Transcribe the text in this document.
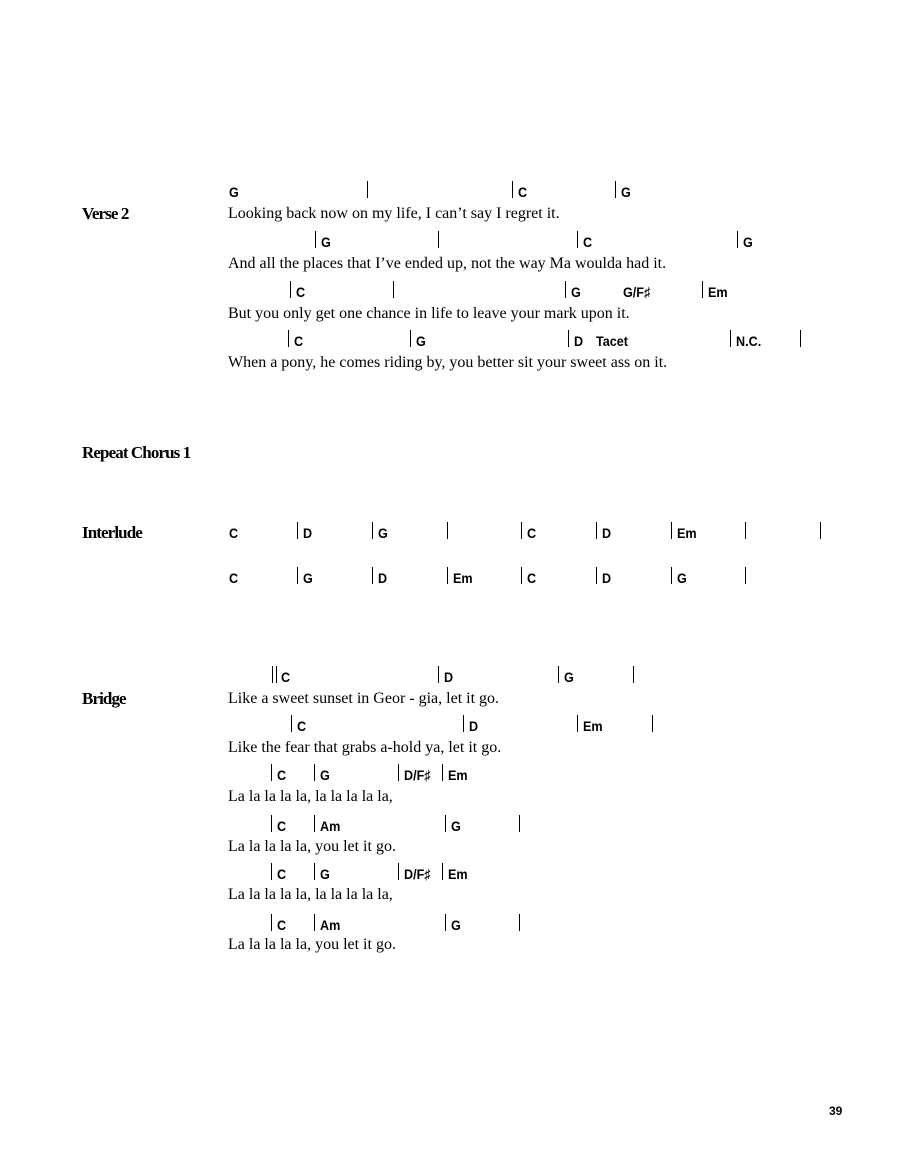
Verse 2
G	C	G
Looking back now on my life, I can’t say I regret it.
G	C	G
And all the places that I’ve ended up, not the way Ma woulda had it.
C	G	G/F♯	Em
But you only get one chance in life to leave your mark upon it.
C	G	D Tacet	N.C.
When a pony, he comes riding by, you better sit your sweet ass on it.
Repeat Chorus 1
Interlude	C	D	G	C	D	Em
C	G	D	Em	C	D	G
Bridge
C	D	G
Like a sweet sunset in Geor - gia, let it go.
C	D	Em
Like the fear that grabs a-hold ya, let it go.
C G	D/F♯ Em
La la la la la, la la la la la,
C Am	G
La la la la la, you let it go.
C G	D/F♯ Em
La la la la la, la la la la la,
C Am	G
La la la la la, you let it go.
39
